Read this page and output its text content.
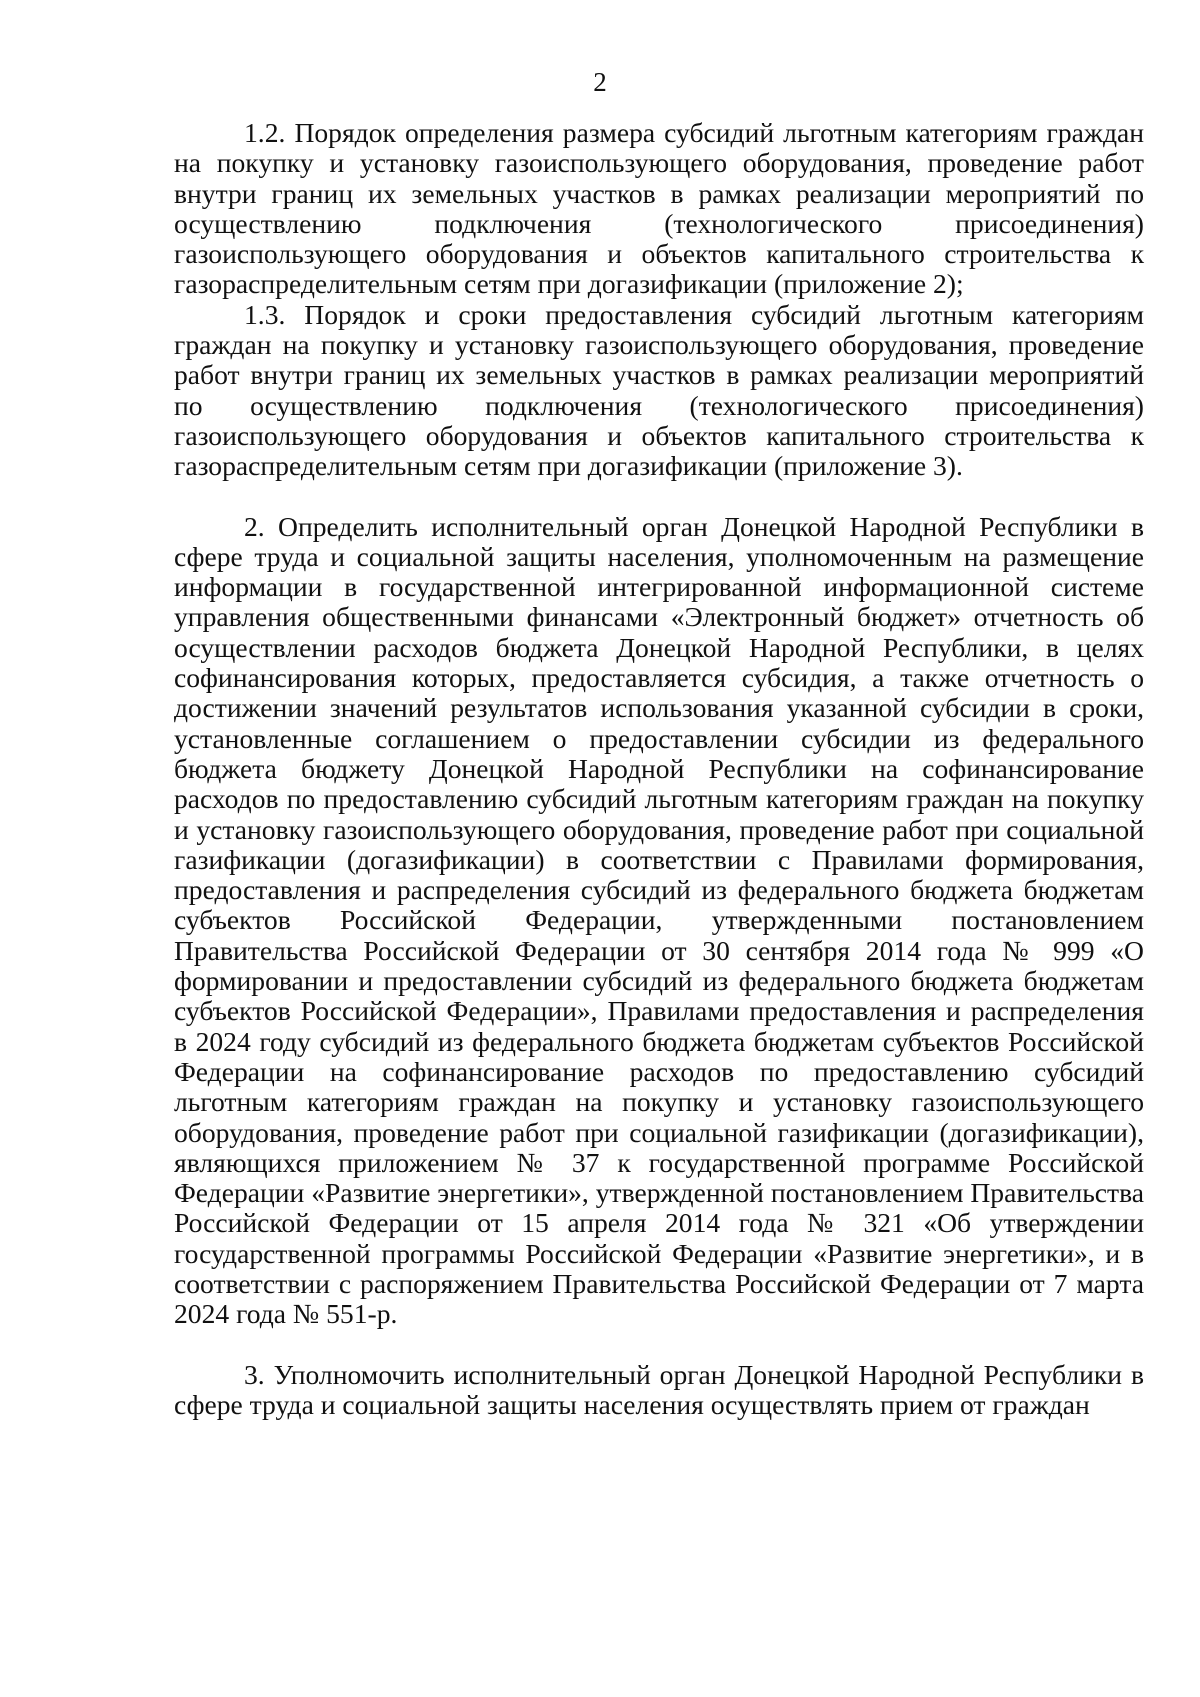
2

1.2. Порядок определения размера субсидий льготным категориям граждан на покупку и установку газоиспользующего оборудования, проведение работ внутри границ их земельных участков в рамках реализации мероприятий по осуществлению подключения (технологического присоединения) газоиспользующего оборудования и объектов капитального строительства к газораспределительным сетям при догазификации (приложение 2);

1.3. Порядок и сроки предоставления субсидий льготным категориям граждан на покупку и установку газоиспользующего оборудования, проведение работ внутри границ их земельных участков в рамках реализации мероприятий по осуществлению подключения (технологического присоединения) газоиспользующего оборудования и объектов капитального строительства к газораспределительным сетям при догазификации (приложение 3).

2. Определить исполнительный орган Донецкой Народной Республики в сфере труда и социальной защиты населения, уполномоченным на размещение информации в государственной интегрированной информационной системе управления общественными финансами «Электронный бюджет» отчетность об осуществлении расходов бюджета Донецкой Народной Республики, в целях софинансирования которых, предоставляется субсидия, а также отчетность о достижении значений результатов использования указанной субсидии в сроки, установленные соглашением о предоставлении субсидии из федерального бюджета бюджету Донецкой Народной Республики на софинансирование расходов по предоставлению субсидий льготным категориям граждан на покупку и установку газоиспользующего оборудования, проведение работ при социальной газификации (догазификации) в соответствии с Правилами формирования, предоставления и распределения субсидий из федерального бюджета бюджетам субъектов Российской Федерации, утвержденными постановлением Правительства Российской Федерации от 30 сентября 2014 года № 999 «О формировании и предоставлении субсидий из федерального бюджета бюджетам субъектов Российской Федерации», Правилами предоставления и распределения в 2024 году субсидий из федерального бюджета бюджетам субъектов Российской Федерации на софинансирование расходов по предоставлению субсидий льготным категориям граждан на покупку и установку газоиспользующего оборудования, проведение работ при социальной газификации (догазификации), являющихся приложением № 37 к государственной программе Российской Федерации «Развитие энергетики», утвержденной постановлением Правительства Российской Федерации от 15 апреля 2014 года № 321 «Об утверждении государственной программы Российской Федерации «Развитие энергетики», и в соответствии с распоряжением Правительства Российской Федерации от 7 марта 2024 года № 551-р.

3. Уполномочить исполнительный орган Донецкой Народной Республики в сфере труда и социальной защиты населения осуществлять прием от граждан
